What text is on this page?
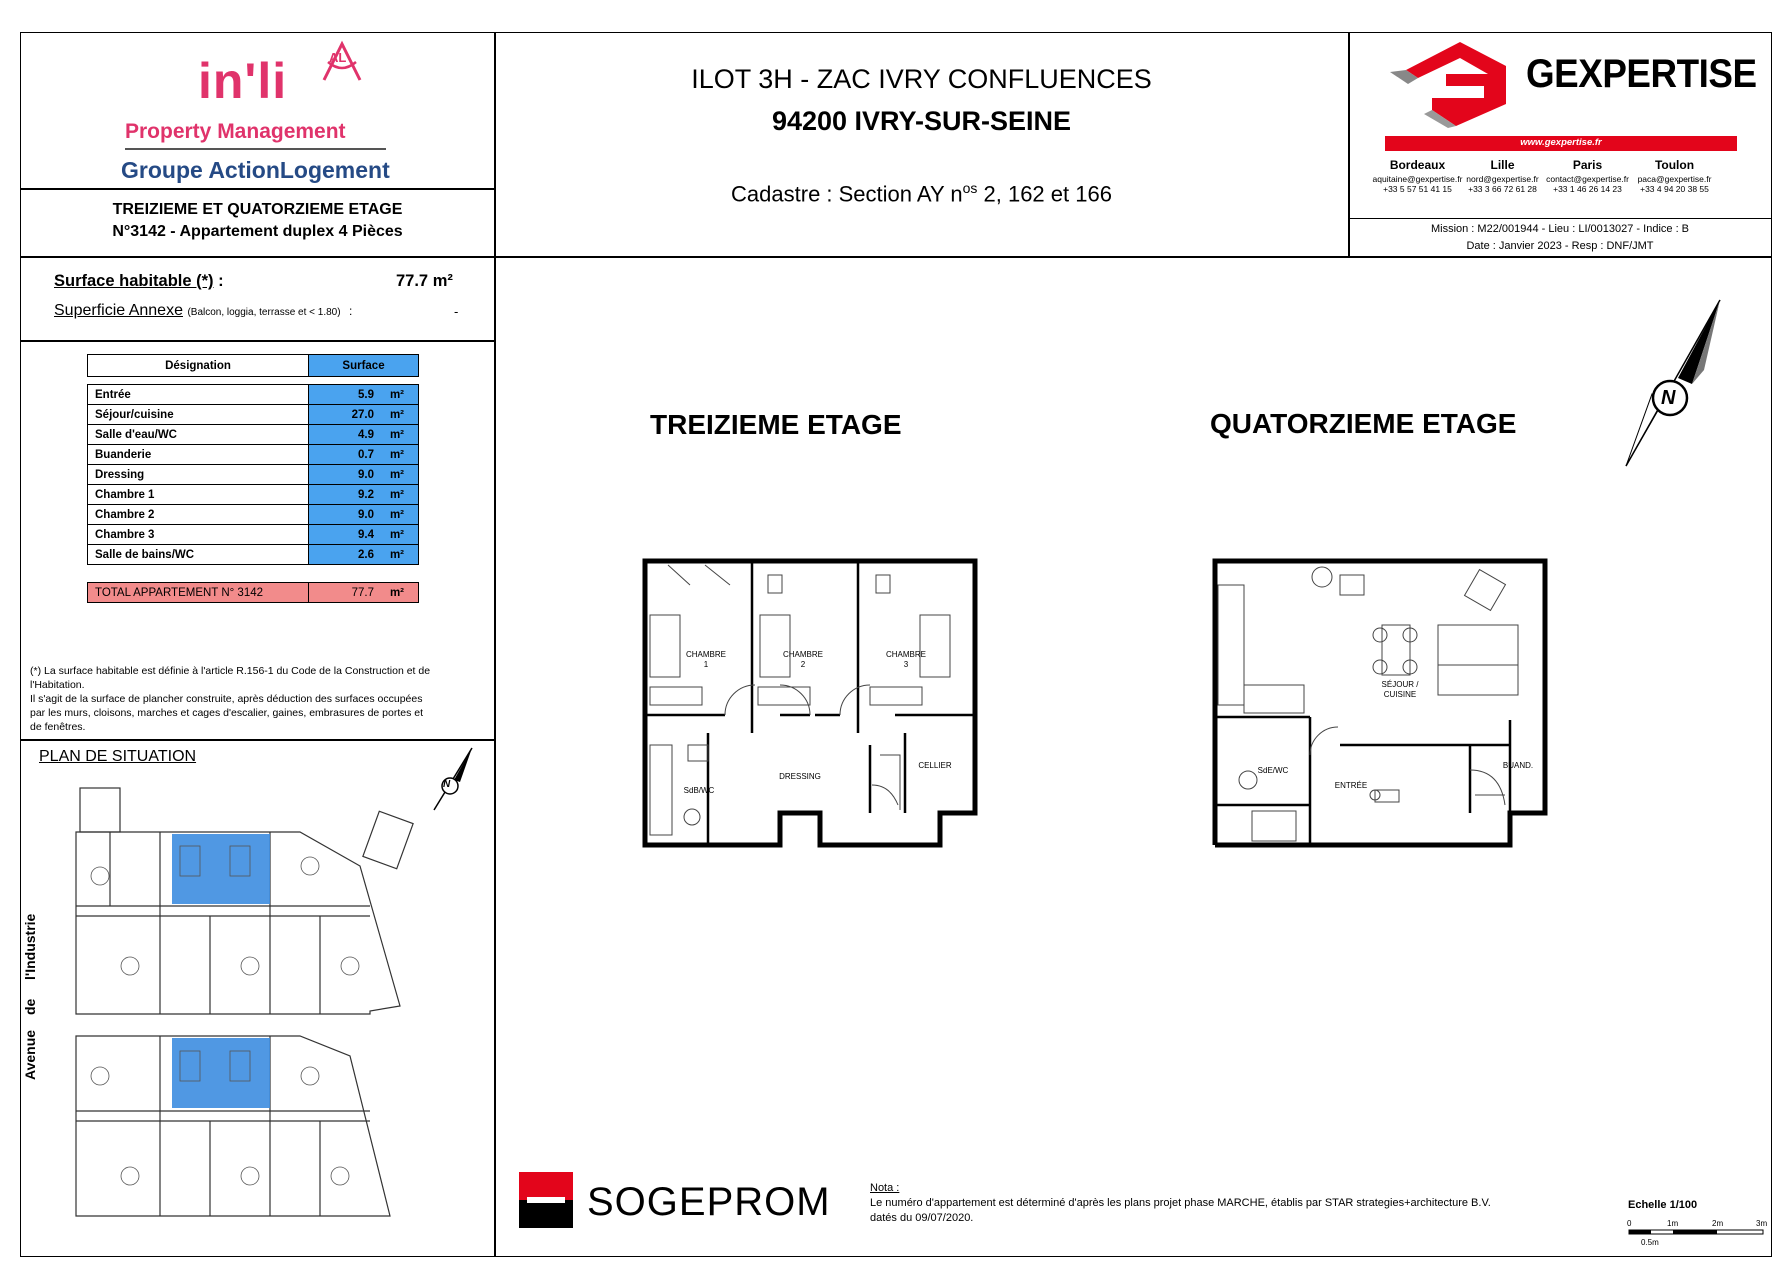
in'li	AL
Property Management
Groupe ActionLogement
TREIZIEME ET QUATORZIEME ETAGE
N°3142 - Appartement duplex 4 Pièces
ILOT 3H - ZAC IVRY CONFLUENCES
94200 IVRY-SUR-SEINE
Cadastre : Section AY $n^{os}$ 2, 162 et 166
GEXPERTISE
www.gexpertise.fr
Bordeaux
aquitaine@gexpertise.fr
+33 5 57 51 41 15
Lille
nord@gexpertise.fr
+33 3 66 72 61 28
Paris
contact@gexpertise.fr
+33 1 46 26 14 23
Toulon
paca@gexpertise.fr
+33 4 94 20 38 55
Mission : M22/001944 - Lieu : LI/0013027 - Indice : B
Date : Janvier 2023 - Resp : DNF/JMT
Surface habitable (*) :	77.7 m²
Superficie Annexe (Balcon, loggia, terrasse et < 1.80) :	-
Désignation	Surface

Entrée	5.9 m²
Séjour/cuisine	27.0 m²
Salle d'eau/WC	4.9 m²
Buanderie	0.7 m²
Dressing	9.0 m²
Chambre 1	9.2 m²
Chambre 2	9.0 m²
Chambre 3	9.4 m²
Salle de bains/WC	2.6 m²
TOTAL APPARTEMENT N° 3142	77.7 m²
(*) La surface habitable est définie à l'article R.156-1 du Code de la Construction et de
l'Habitation.
Il s'agit de la surface de plancher construite, après déduction des surfaces occupées
par les murs, cloisons, marches et cages d'escalier, gaines, embrasures de portes et
de fenêtres.
PLAN DE SITUATION
N
Avenue
de
l'Industrie
N
TREIZIEME ETAGE	QUATORZIEME ETAGE
CHAMBRE
1
CHAMBRE
2
CHAMBRE
3
DRESSING
CELLIER
SdB/WC
SÉJOUR /
CUISINE
SdE/WC
ENTRÉE
BUAND.
SOGEPROM	Nota :
Le numéro d'appartement est déterminé d'après les plans projet phase MARCHE, établis par STAR strategies+architecture B.V.
datés du 09/07/2020.
Echelle 1/100
0	1m	2m	3m
0.5m
